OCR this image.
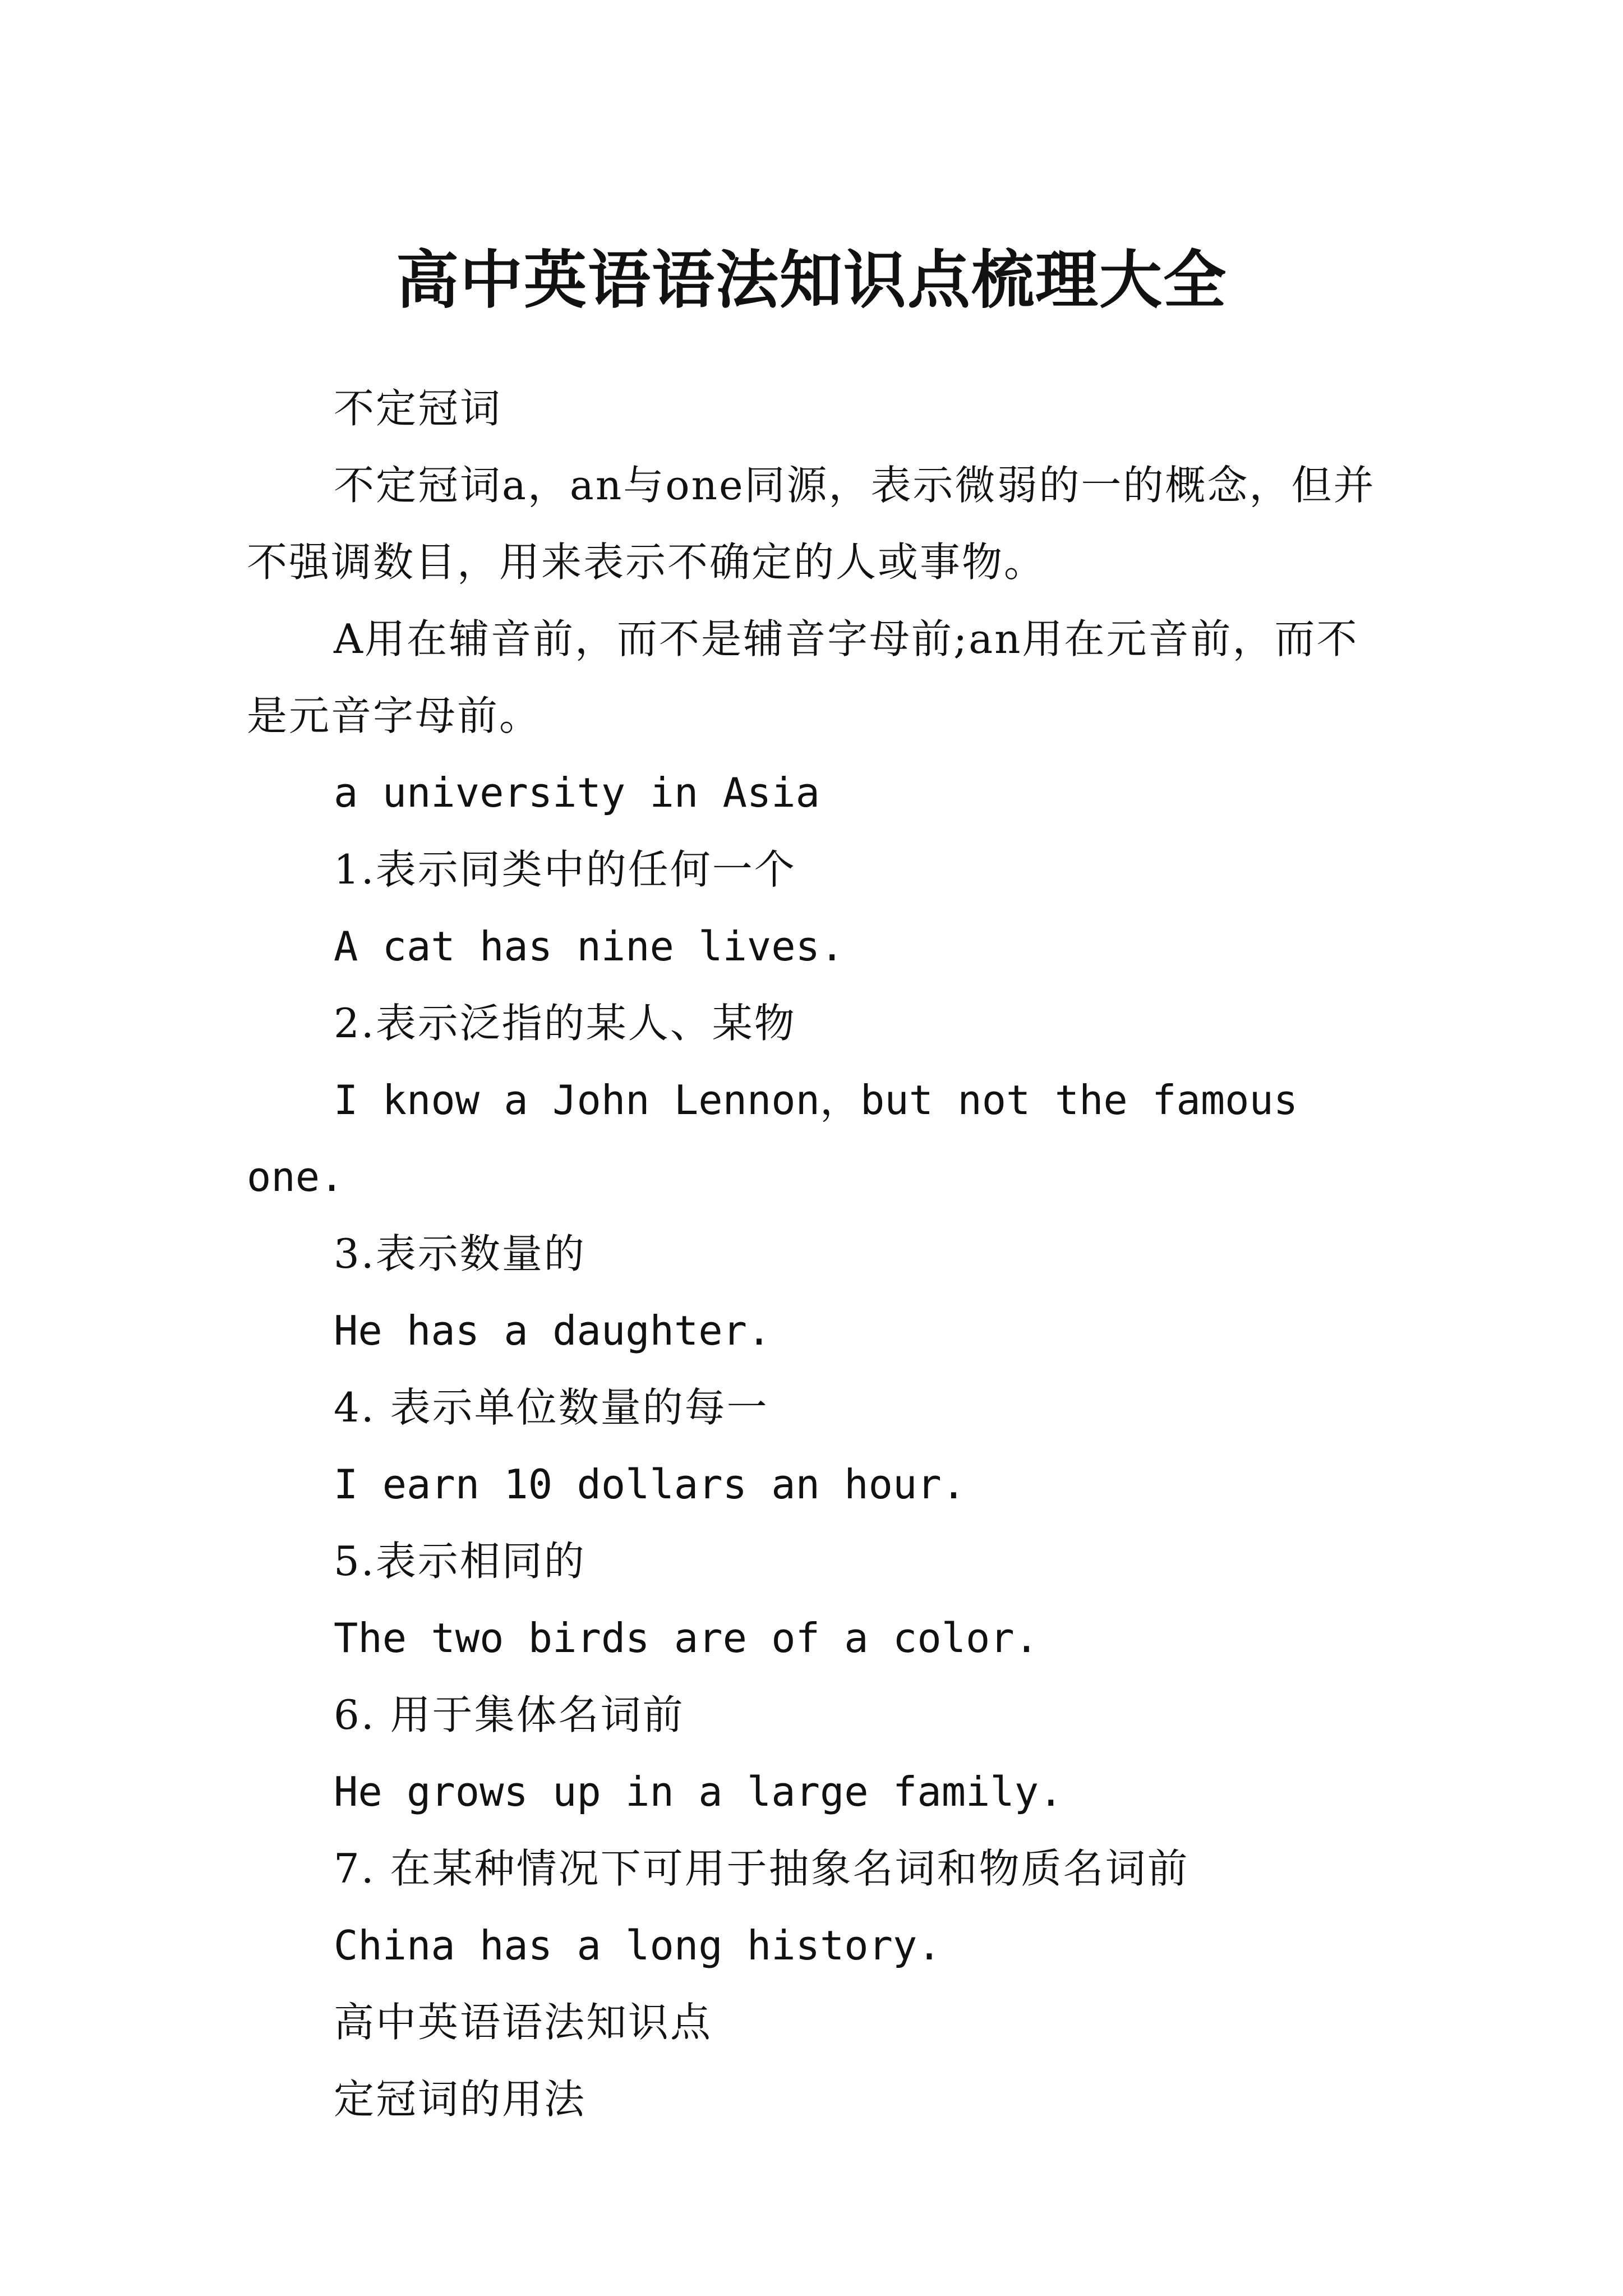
高中英语语法知识点梳理大全

不定冠词

不定冠词a，an与one同源，表示微弱的一的概念，但并不强调数目，用来表示不确定的人或事物。

A用在辅音前，而不是辅音字母前;an用在元音前，而不是元音字母前。

a university in Asia

1.表示同类中的任何一个

A cat has nine lives.

2.表示泛指的某人、某物

I know a John Lennon，but not the famous one.

3.表示数量的

He has a daughter.

4. 表示单位数量的每一

I earn 10 dollars an hour.

5.表示相同的

The two birds are of a color.

6. 用于集体名词前

He grows up in a large family.

7. 在某种情况下可用于抽象名词和物质名词前

China has a long history.

高中英语语法知识点

定冠词的用法
